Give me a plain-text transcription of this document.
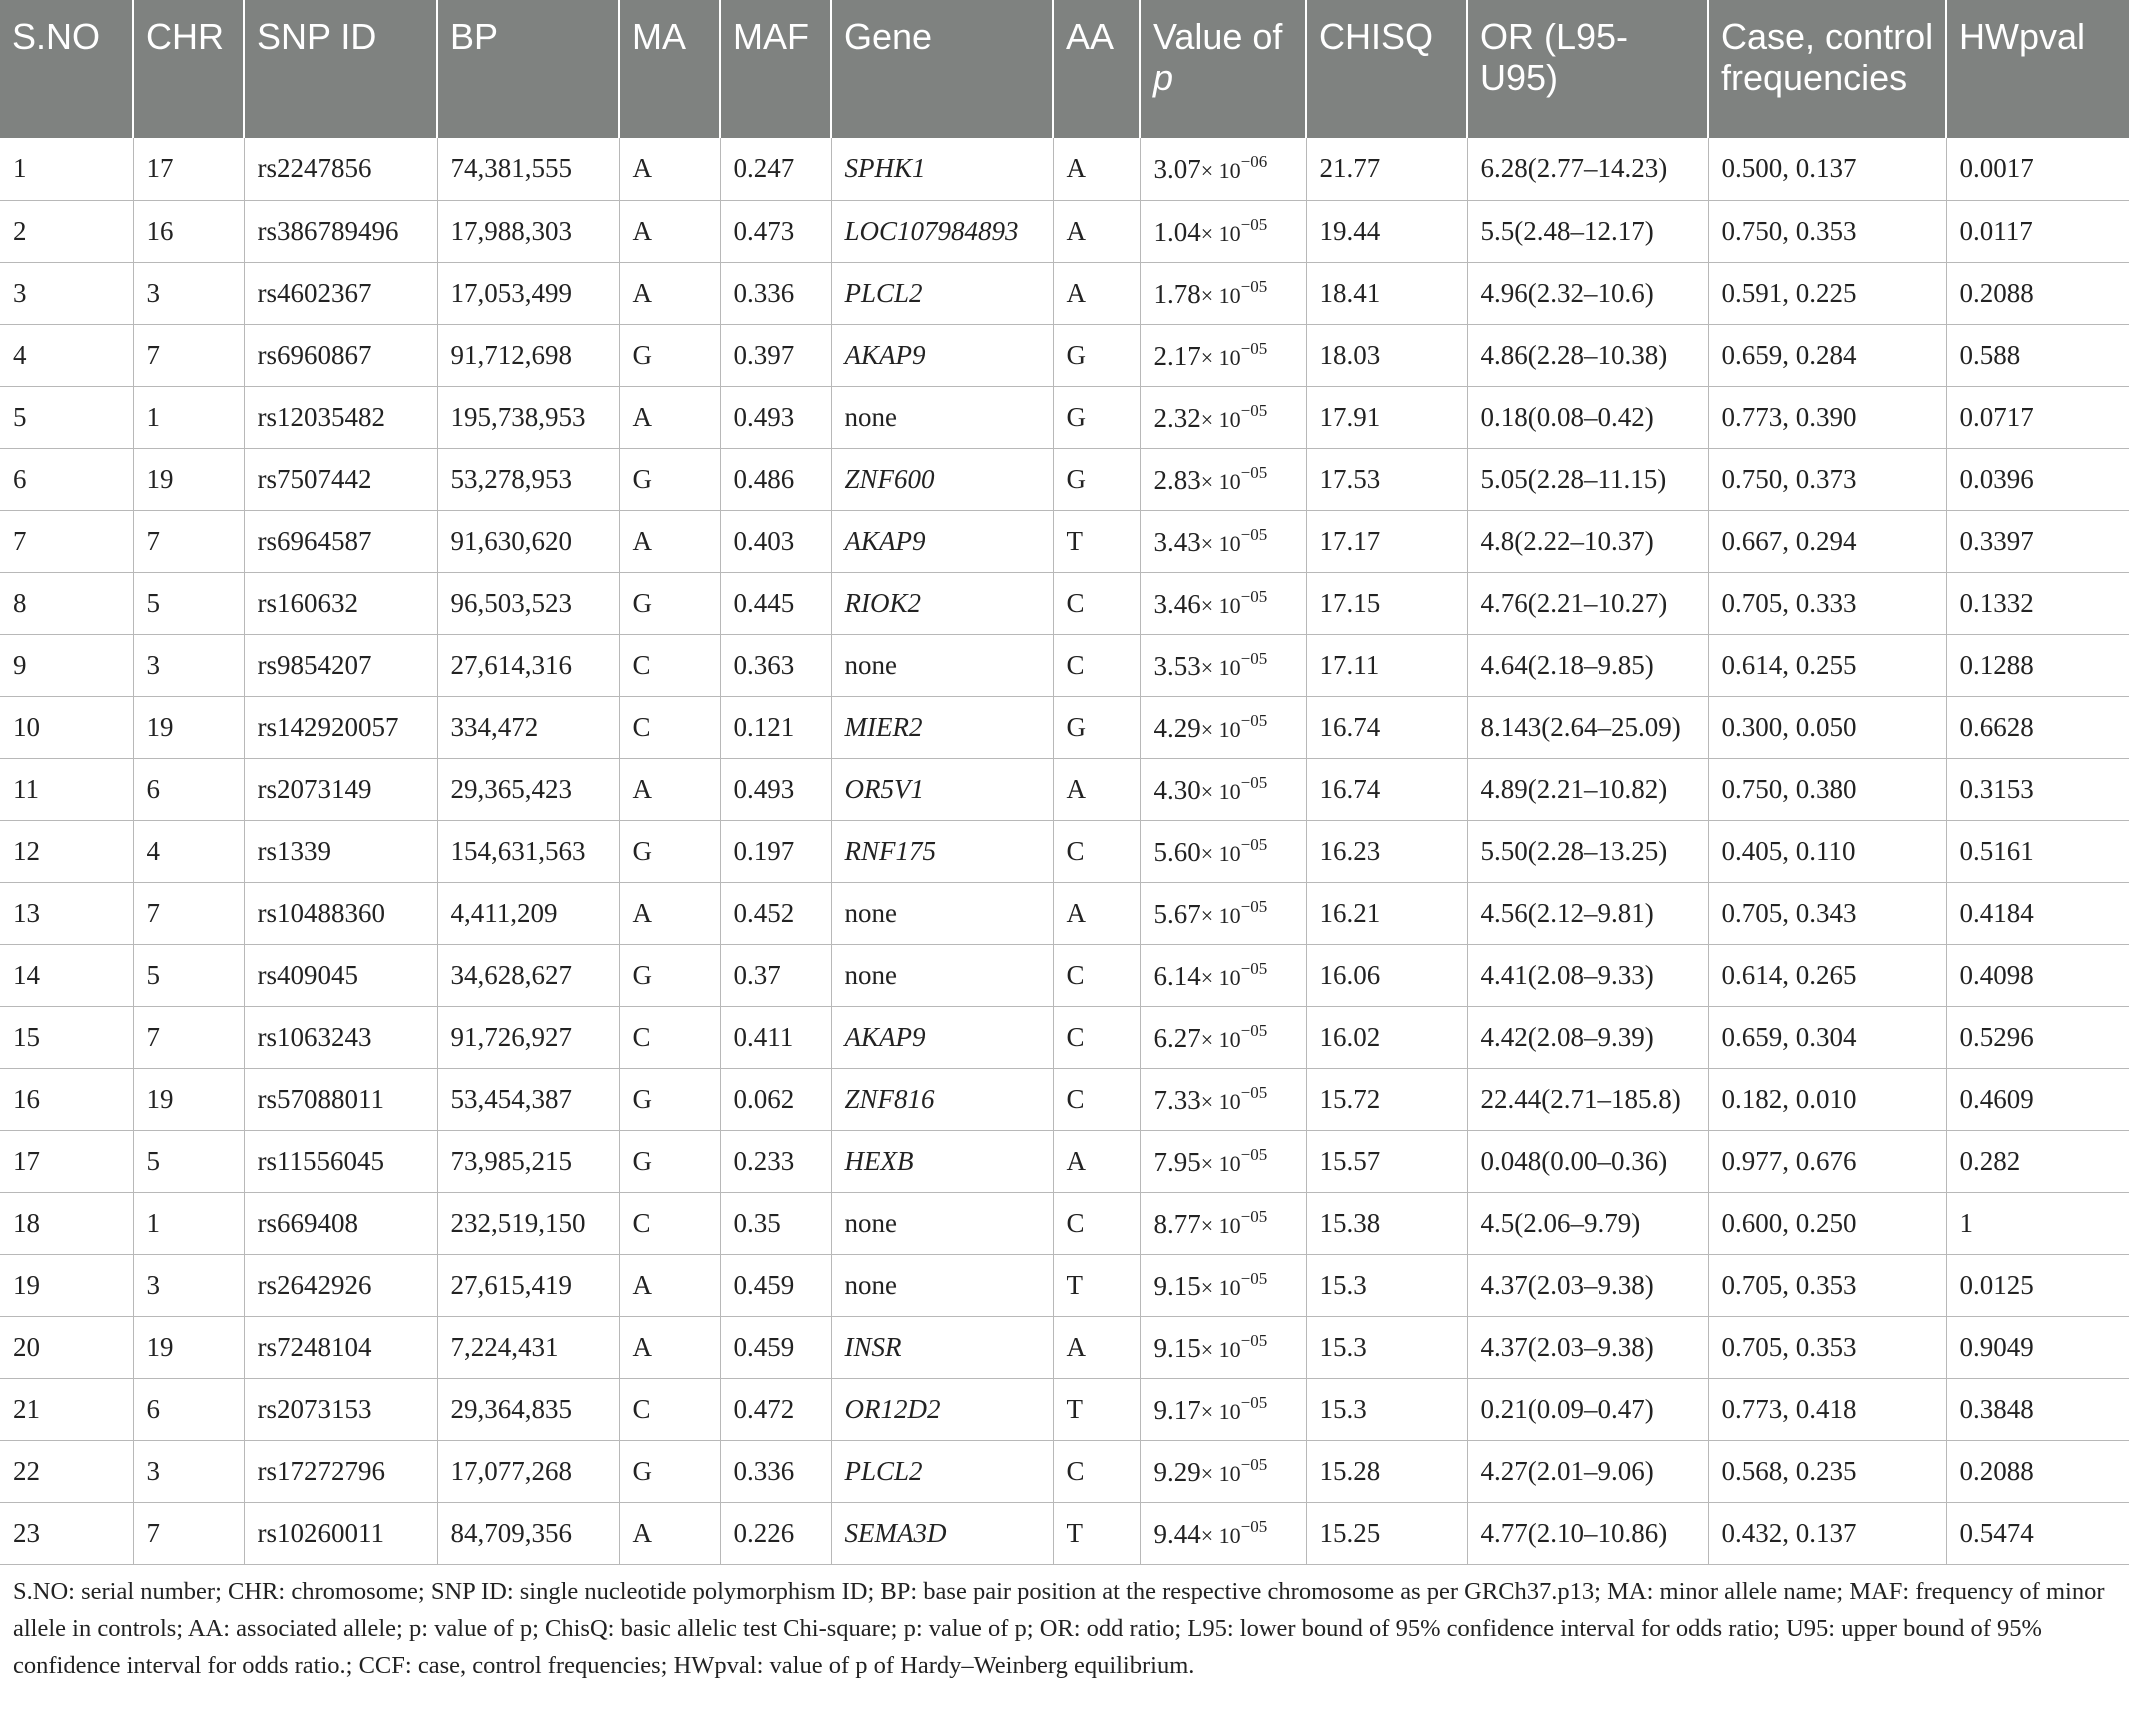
S.NO	CHR	SNP ID	BP	MA	MAF	Gene	AA	Value of
p	CHISQ	OR (L95-U95)	Case, control frequencies	HWpval
1	17	rs2247856	74,381,555	A	0.247	SPHK1	A	$3.07\times 10^{-06}$	21.77	6.28(2.77–14.23)	0.500, 0.137	0.0017
2	16	rs386789496	17,988,303	A	0.473	LOC107984893	A	$1.04\times 10^{-05}$	19.44	5.5(2.48–12.17)	0.750, 0.353	0.0117
3	3	rs4602367	17,053,499	A	0.336	PLCL2	A	$1.78\times 10^{-05}$	18.41	4.96(2.32–10.6)	0.591, 0.225	0.2088
4	7	rs6960867	91,712,698	G	0.397	AKAP9	G	$2.17\times 10^{-05}$	18.03	4.86(2.28–10.38)	0.659, 0.284	0.588
5	1	rs12035482	195,738,953	A	0.493	none	G	$2.32\times 10^{-05}$	17.91	0.18(0.08–0.42)	0.773, 0.390	0.0717
6	19	rs7507442	53,278,953	G	0.486	ZNF600	G	$2.83\times 10^{-05}$	17.53	5.05(2.28–11.15)	0.750, 0.373	0.0396
7	7	rs6964587	91,630,620	A	0.403	AKAP9	T	$3.43\times 10^{-05}$	17.17	4.8(2.22–10.37)	0.667, 0.294	0.3397
8	5	rs160632	96,503,523	G	0.445	RIOK2	C	$3.46\times 10^{-05}$	17.15	4.76(2.21–10.27)	0.705, 0.333	0.1332
9	3	rs9854207	27,614,316	C	0.363	none	C	$3.53\times 10^{-05}$	17.11	4.64(2.18–9.85)	0.614, 0.255	0.1288
10	19	rs142920057	334,472	C	0.121	MIER2	G	$4.29\times 10^{-05}$	16.74	8.143(2.64–25.09)	0.300, 0.050	0.6628
11	6	rs2073149	29,365,423	A	0.493	OR5V1	A	$4.30\times 10^{-05}$	16.74	4.89(2.21–10.82)	0.750, 0.380	0.3153
12	4	rs1339	154,631,563	G	0.197	RNF175	C	$5.60\times 10^{-05}$	16.23	5.50(2.28–13.25)	0.405, 0.110	0.5161
13	7	rs10488360	4,411,209	A	0.452	none	A	$5.67\times 10^{-05}$	16.21	4.56(2.12–9.81)	0.705, 0.343	0.4184
14	5	rs409045	34,628,627	G	0.37	none	C	$6.14\times 10^{-05}$	16.06	4.41(2.08–9.33)	0.614, 0.265	0.4098
15	7	rs1063243	91,726,927	C	0.411	AKAP9	C	$6.27\times 10^{-05}$	16.02	4.42(2.08–9.39)	0.659, 0.304	0.5296
16	19	rs57088011	53,454,387	G	0.062	ZNF816	C	$7.33\times 10^{-05}$	15.72	22.44(2.71–185.8)	0.182, 0.010	0.4609
17	5	rs11556045	73,985,215	G	0.233	HEXB	A	$7.95\times 10^{-05}$	15.57	0.048(0.00–0.36)	0.977, 0.676	0.282
18	1	rs669408	232,519,150	C	0.35	none	C	$8.77\times 10^{-05}$	15.38	4.5(2.06–9.79)	0.600, 0.250	1
19	3	rs2642926	27,615,419	A	0.459	none	T	$9.15\times 10^{-05}$	15.3	4.37(2.03–9.38)	0.705, 0.353	0.0125
20	19	rs7248104	7,224,431	A	0.459	INSR	A	$9.15\times 10^{-05}$	15.3	4.37(2.03–9.38)	0.705, 0.353	0.9049
21	6	rs2073153	29,364,835	C	0.472	OR12D2	T	$9.17\times 10^{-05}$	15.3	0.21(0.09–0.47)	0.773, 0.418	0.3848
22	3	rs17272796	17,077,268	G	0.336	PLCL2	C	$9.29\times 10^{-05}$	15.28	4.27(2.01–9.06)	0.568, 0.235	0.2088
23	7	rs10260011	84,709,356	A	0.226	SEMA3D	T	$9.44\times 10^{-05}$	15.25	4.77(2.10–10.86)	0.432, 0.137	0.5474
S.NO: serial number; CHR: chromosome; SNP ID: single nucleotide polymorphism ID; BP: base pair position at the respective chromosome as per GRCh37.p13; MA: minor allele name; MAF: frequency of minor allele in controls; AA: associated allele; p: value of p; ChisQ: basic allelic test Chi-square; p: value of p; OR: odd ratio; L95: lower bound of 95% confidence interval for odds ratio; U95: upper bound of 95% confidence interval for odds ratio.; CCF: case, control frequencies; HWpval: value of p of Hardy–Weinberg equilibrium.
